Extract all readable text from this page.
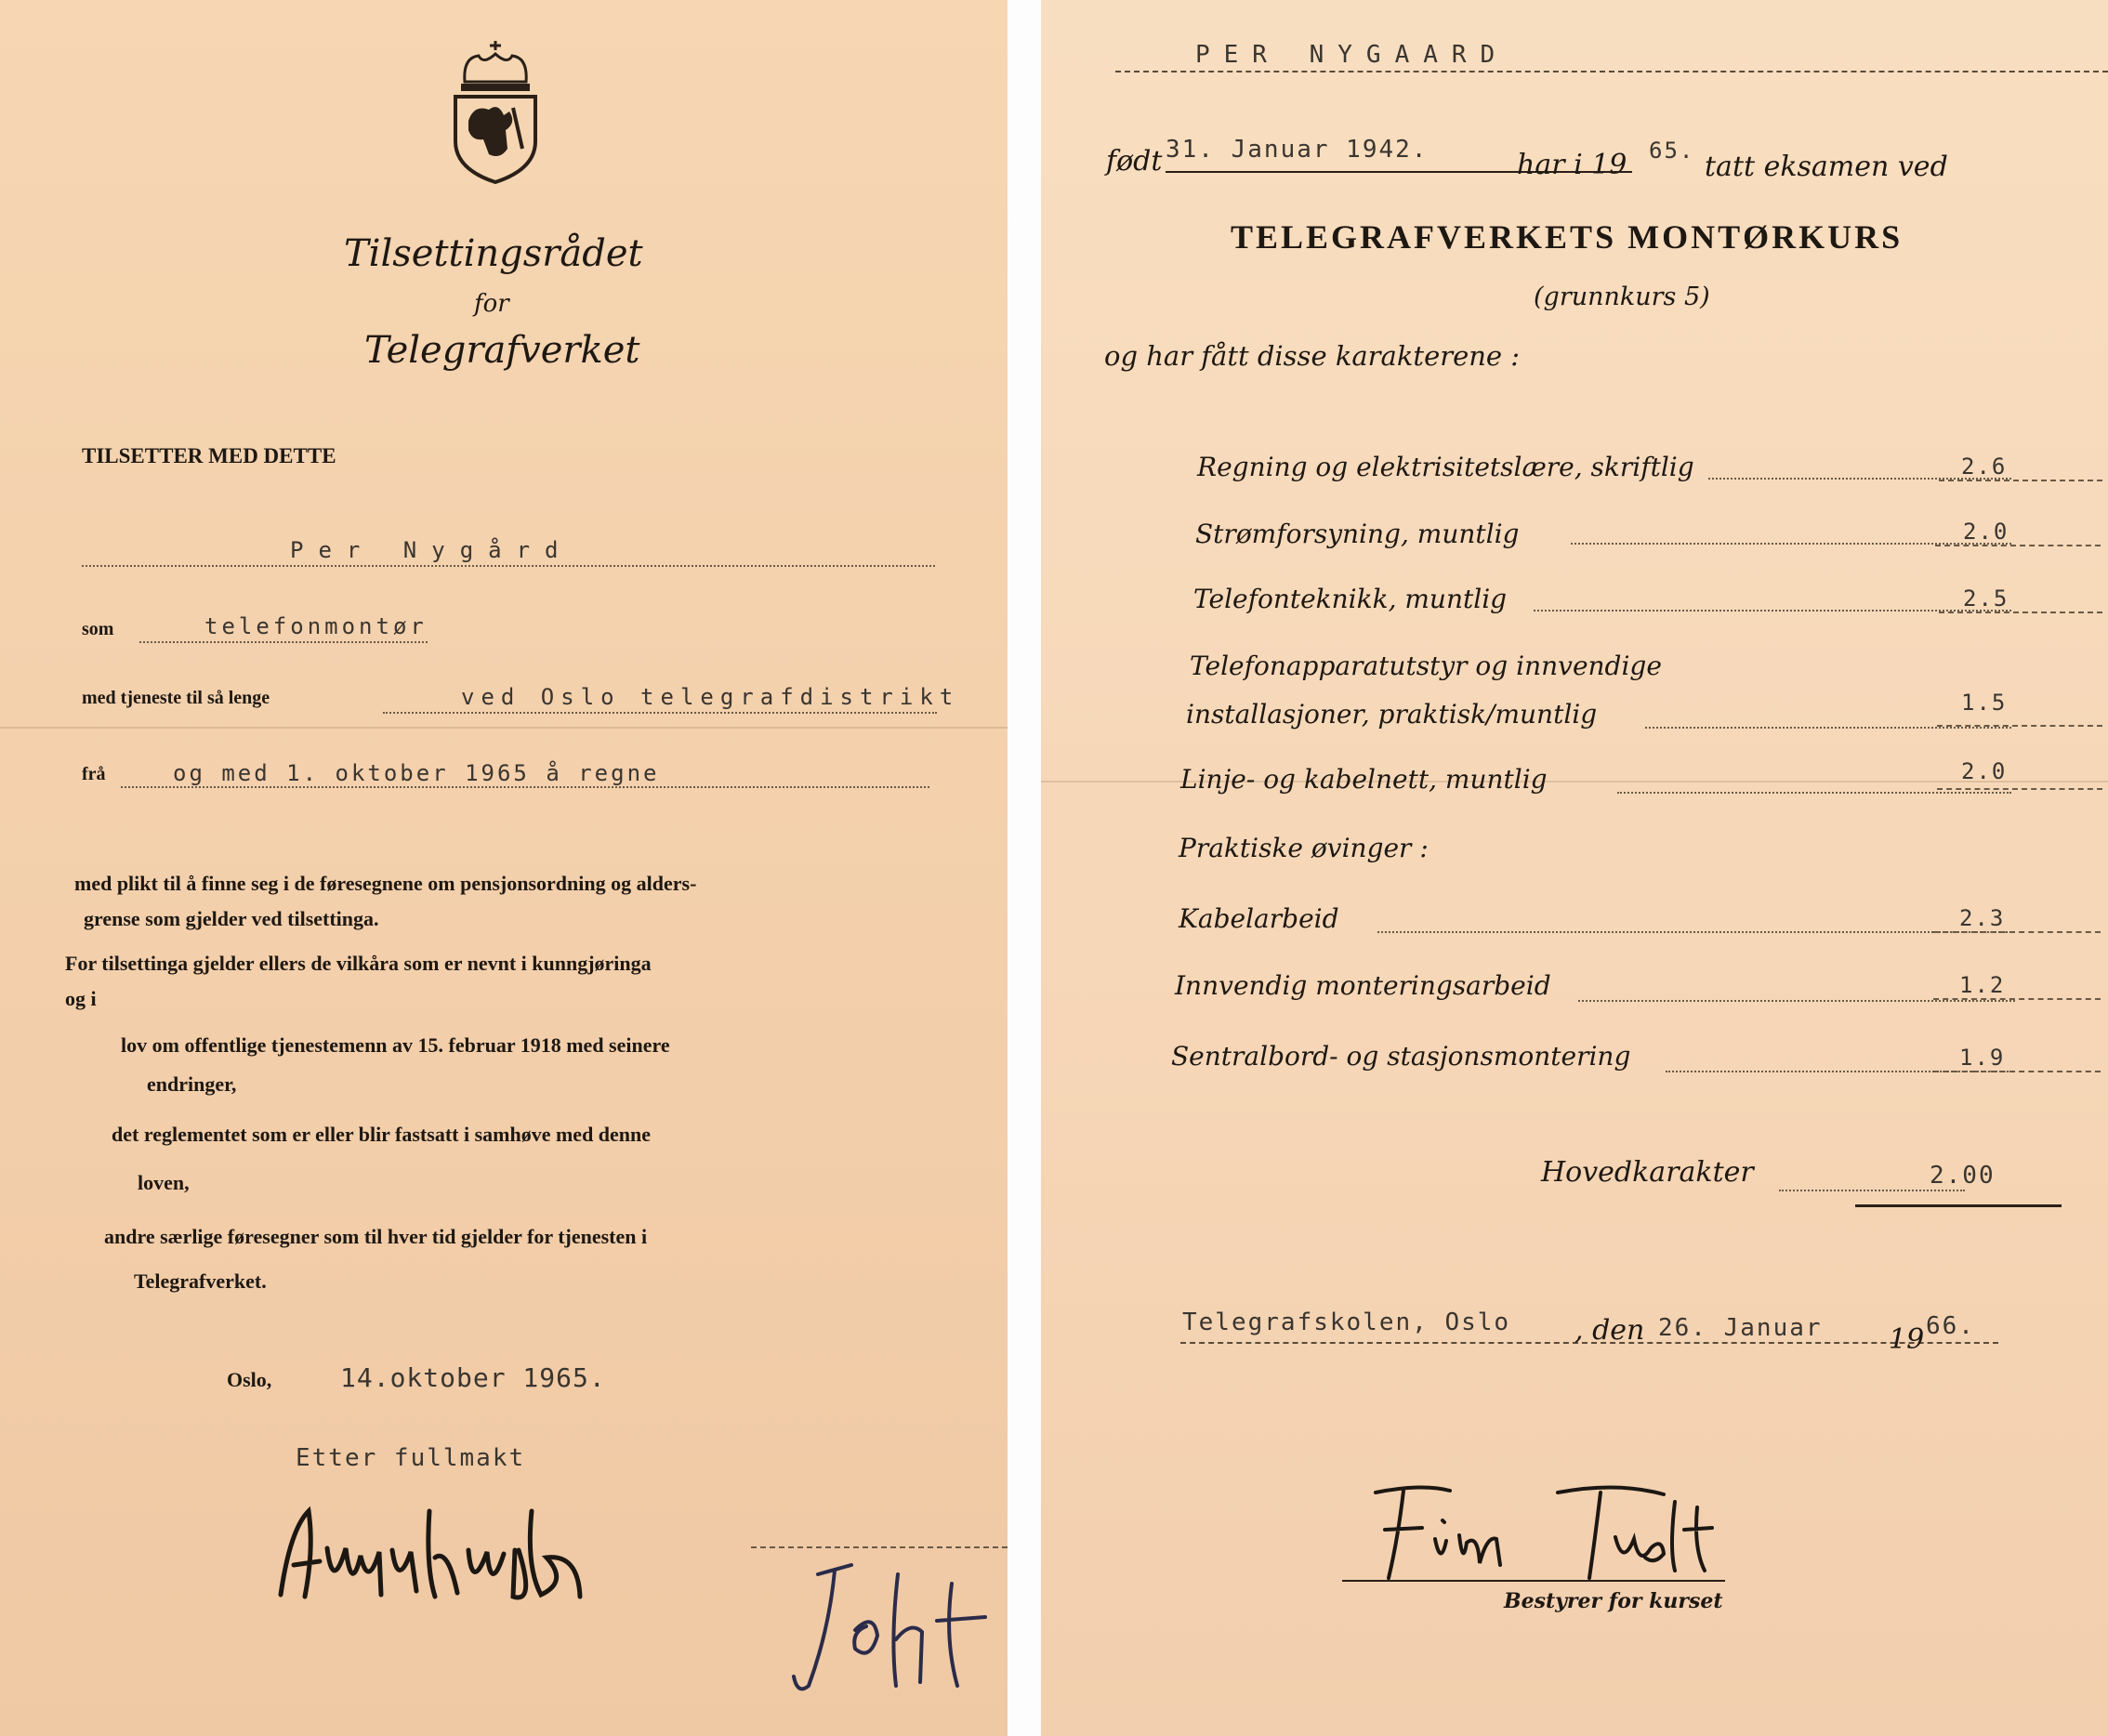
Tilsettingsrådet
for
Telegrafverket
TILSETTER MED DETTE
Per Nygård
som	telefonmontør
med tjeneste til så lenge	ved Oslo telegrafdistrikt
frå	og med 1. oktober 1965 å regne
med plikt til å finne seg i de føresegnene om pensjonsordning og alders-
grense som gjelder ved tilsettinga.
For tilsettinga gjelder ellers de vilkåra som er nevnt i kunngjøringa
og i
lov om offentlige tjenestemenn av 15. februar 1918 med seinere
endringer,
det reglementet som er eller blir fastsatt i samhøve med denne
loven,
andre særlige føresegner som til hver tid gjelder for tjenesten i
Telegrafverket.
Oslo,	14.oktober 1965.
Etter fullmakt
PER NYGAARD
født 31. Januar 1942.	har i 19 65. tatt eksamen ved
TELEGRAFVERKETS MONTØRKURS
(grunnkurs 5)
og har fått disse karakterene :
Regning og elektrisitetslære, skriftlig	2.6
Strømforsyning, muntlig	2.0
Telefonteknikk, muntlig	2.5
Telefonapparatutstyr og innvendige
installasjoner, praktisk/muntlig	1.5
Linje- og kabelnett, muntlig	2.0
Praktiske øvinger :
Kabelarbeid	2.3
Innvendig monteringsarbeid	1.2
Sentralbord- og stasjonsmontering	1.9
Hovedkarakter	2.00
Telegrafskolen, Oslo , den 26. Januar 19 66.
Bestyrer for kurset
